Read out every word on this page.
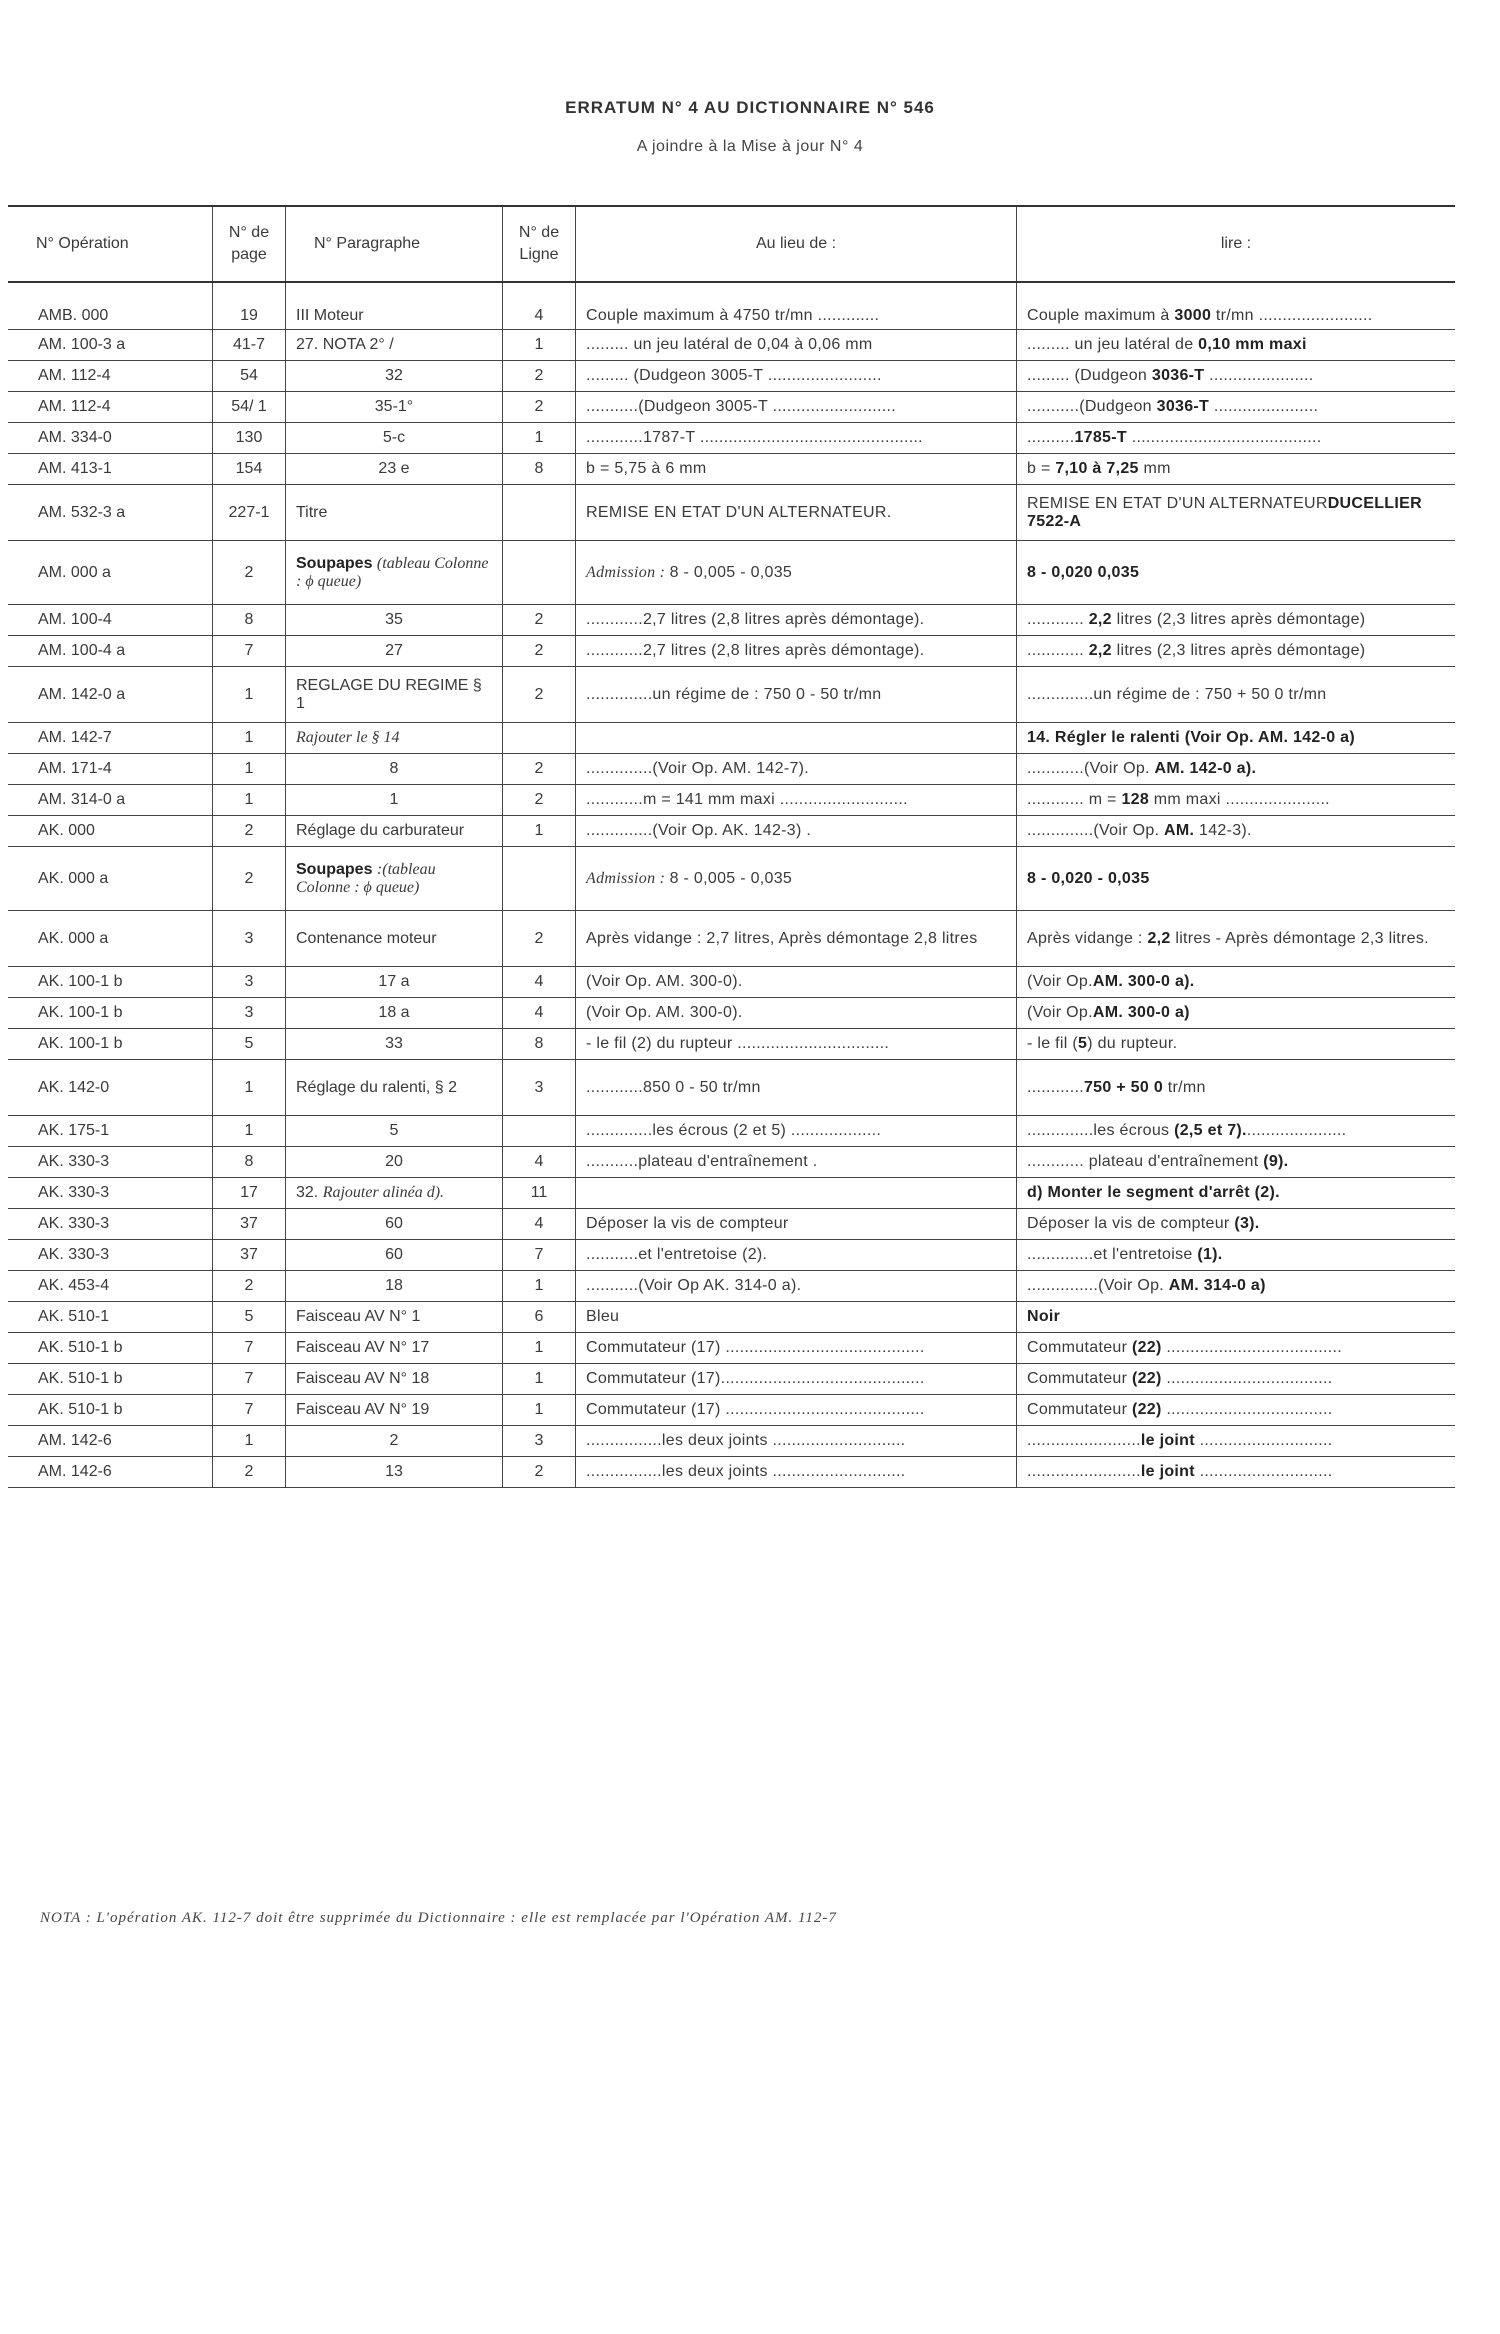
ERRATUM N° 4 AU DICTIONNAIRE N° 546
A joindre à la Mise à jour N° 4
N° Opération	N° de page	N° Paragraphe	N° de Ligne	Au lieu de :	lire :
AMB. 000	19	III Moteur	4	Couple maximum à 4750 tr/mn .............	Couple maximum à 3000 tr/mn ........................
AM. 100-3 a	41-7	27. NOTA 2° /	1	......... un jeu latéral de 0,04 à 0,06 mm	......... un jeu latéral de 0,10 mm maxi
AM. 112-4	54	32	2	......... (Dudgeon 3005-T ........................	......... (Dudgeon 3036-T ......................
AM. 112-4	54/ 1	35-1°	2	...........(Dudgeon 3005-T ..........................	...........(Dudgeon 3036-T ......................
AM. 334-0	130	5-c	1	............1787-T ...............................................	..........1785-T ........................................
AM. 413-1	154	23 e	8	b = 5,75 à 6 mm	b = 7,10 à 7,25 mm
AM. 532-3 a	227-1	Titre		REMISE EN ETAT D'UN ALTERNATEUR.	REMISE EN ETAT D'UN ALTERNATEURDUCELLIER 7522-A
AM. 000 a	2	Soupapes (tableau Colonne : ϕ queue)		Admission : 8 - 0,005 - 0,035	8 - 0,020 0,035
AM. 100-4	8	35	2	............2,7 litres (2,8 litres après démontage).	............ 2,2 litres (2,3 litres après démontage)
AM. 100-4 a	7	27	2	............2,7 litres (2,8 litres après démontage).	............ 2,2 litres (2,3 litres après démontage)
AM. 142-0 a	1	REGLAGE DU REGIME § 1	2	..............un régime de : 750 0 - 50 tr/mn	..............un régime de : 750 + 50 0 tr/mn
AM. 142-7	1	Rajouter le § 14			14. Régler le ralenti (Voir Op. AM. 142-0 a)
AM. 171-4	1	8	2	..............(Voir Op. AM. 142-7).	............(Voir Op. AM. 142-0 a).
AM. 314-0 a	1	1	2	............m = 141 mm maxi ...........................	............ m = 128 mm maxi ......................
AK. 000	2	Réglage du carburateur	1	..............(Voir Op. AK. 142-3) .	..............(Voir Op. AM. 142-3).
AK. 000 a	2	Soupapes :(tableau Colonne : ϕ queue)		Admission : 8 - 0,005 - 0,035	8 - 0,020 - 0,035
AK. 000 a	3	Contenance moteur	2	Après vidange : 2,7 litres, Après démontage 2,8 litres	Après vidange : 2,2 litres - Après démontage 2,3 litres.
AK. 100-1 b	3	17 a	4	(Voir Op. AM. 300-0).	(Voir Op.AM. 300-0 a).
AK. 100-1 b	3	18 a	4	(Voir Op. AM. 300-0).	(Voir Op.AM. 300-0 a)
AK. 100-1 b	5	33	8	- le fil (2) du rupteur ................................	- le fil (5) du rupteur.
AK. 142-0	1	Réglage du ralenti, § 2	3	............850 0 - 50 tr/mn	............750 + 50 0 tr/mn
AK. 175-1	1	5		..............les écrous (2 et 5) ...................	..............les écrous (2,5 et 7)......................
AK. 330-3	8	20	4	...........plateau d'entraînement .	............ plateau d'entraînement (9).
AK. 330-3	17	32. Rajouter alinéa d).	11		d) Monter le segment d'arrêt (2).
AK. 330-3	37	60	4	Déposer la vis de compteur	Déposer la vis de compteur (3).
AK. 330-3	37	60	7	...........et l'entretoise (2).	..............et l'entretoise (1).
AK. 453-4	2	18	1	...........(Voir Op AK. 314-0 a).	...............(Voir Op. AM. 314-0 a)
AK. 510-1	5	Faisceau AV N° 1	6	Bleu	Noir
AK. 510-1 b	7	Faisceau AV N° 17	1	Commutateur (17) ..........................................	Commutateur (22) .....................................
AK. 510-1 b	7	Faisceau AV N° 18	1	Commutateur (17)...........................................	Commutateur (22) ...................................
AK. 510-1 b	7	Faisceau AV N° 19	1	Commutateur (17) ..........................................	Commutateur (22) ...................................
AM. 142-6	1	2	3	................les deux joints ............................	........................le joint ............................
AM. 142-6	2	13	2	................les deux joints ............................	........................le joint ............................
NOTA : L'opération AK. 112-7 doit être supprimée du Dictionnaire : elle est remplacée par l'Opération AM. 112-7
